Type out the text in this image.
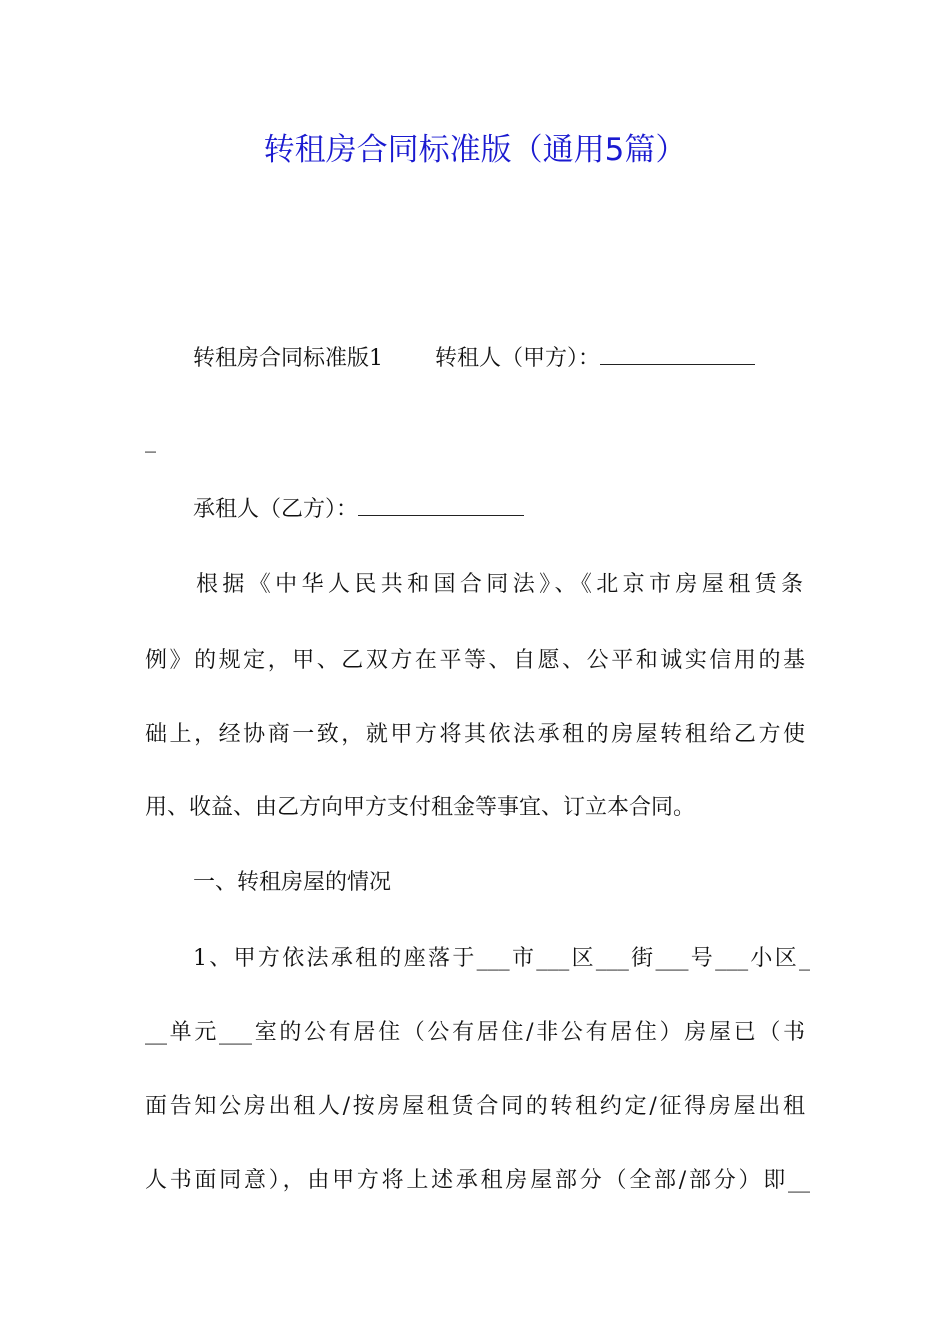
转租房合同标准版（通用5篇）
转租房合同标准版1 转租人（甲方）：
_
承租人（乙方）：
根据《中华人民共和国合同法》、《北京市房屋租赁条
例》的规定，甲、乙双方在平等、自愿、公平和诚实信用的基
础上，经协商一致，就甲方将其依法承租的房屋转租给乙方使
用、收益、由乙方向甲方支付租金等事宜、订立本合同。
一、转租房屋的情况
1、甲方依法承租的座落于___市___区___街___号___小区_
__单元___室的公有居住（公有居住/非公有居住）房屋已（书
面告知公房出租人/按房屋租赁合同的转租约定/征得房屋出租
人书面同意），由甲方将上述承租房屋部分（全部/部分）即__
